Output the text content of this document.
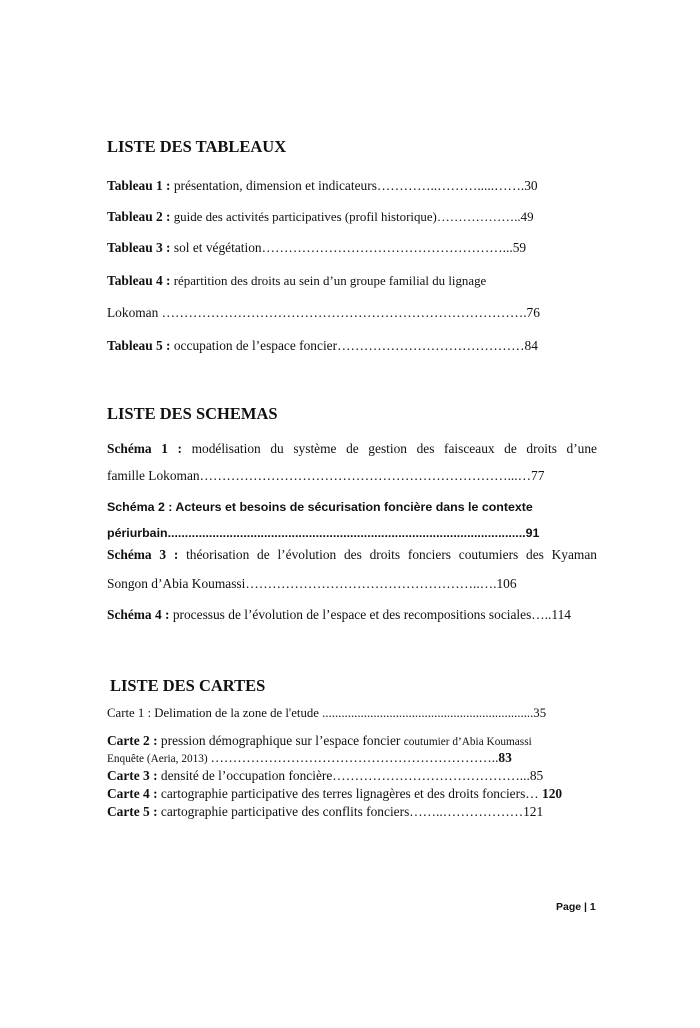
LISTE DES TABLEAUX

Tableau 1 : présentation, dimension et indicateurs…………..……….....…….30

Tableau 2 : guide des activités participatives (profil historique)………………..49

Tableau 3 : sol et végétation………………………………………………...59

Tableau 4 : répartition des droits au sein d’un groupe familial du lignage

Lokoman ……………………………………………………………………….76

Tableau 5 : occupation de l’espace foncier……………………………………84

LISTE DES SCHEMAS

Schéma 1 : modélisation du système de gestion des faisceaux de droits d’une

famille Lokoman……………………………………………………………...…77

Schéma 2 : Acteurs et besoins de sécurisation foncière dans le contexte

périurbain........................................................................................................91

Schéma 3 : théorisation de l’évolution des droits fonciers coutumiers des Kyaman

Songon d’Abia Koumassi……………………………………………..….106

Schéma 4 : processus de l’évolution de l’espace et des recompositions sociales…..114

LISTE DES CARTES

Carte 1 : Delimation de la zone de l'etude ..................................................................35

Carte 2 : pression démographique sur l’espace foncier coutumier d’Abia Koumassi

Enquête (Aeria, 2013) ………………………………………………………..83

Carte 3 : densité de l’occupation foncière……………………………………...85

Carte 4 : cartographie participative des terres lignagères et des droits fonciers… 120

Carte 5 : cartographie participative des conflits fonciers……..………………121

Page | 1
